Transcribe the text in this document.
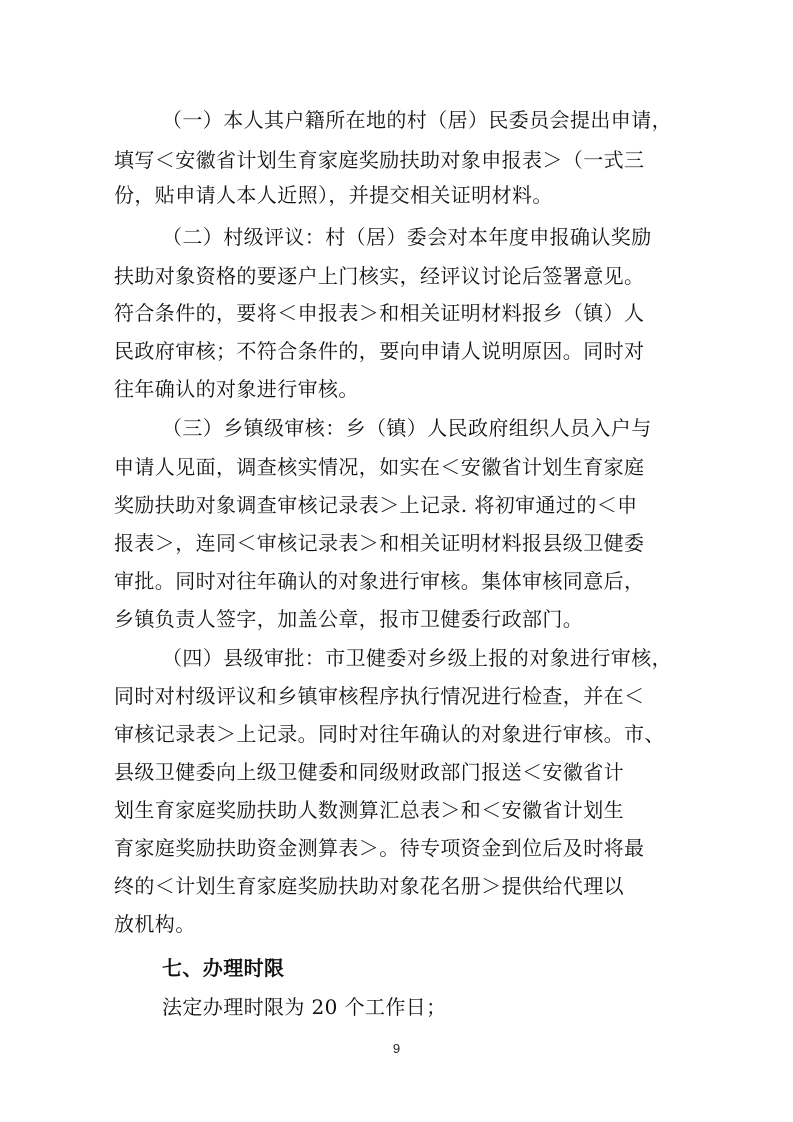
（一）本人其户籍所在地的村（居）民委员会提出申请，
填写＜安徽省计划生育家庭奖励扶助对象申报表＞（一式三
份，贴申请人本人近照），并提交相关证明材料。
（二）村级评议：村（居）委会对本年度申报确认奖励
扶助对象资格的要逐户上门核实，经评议讨论后签署意见。
符合条件的，要将＜申报表＞和相关证明材料报乡（镇）人
民政府审核；不符合条件的，要向申请人说明原因。同时对
往年确认的对象进行审核。
（三）乡镇级审核：乡（镇）人民政府组织人员入户与
申请人见面，调查核实情况，如实在＜安徽省计划生育家庭
奖励扶助对象调查审核记录表＞上记录. 将初审通过的＜申
报表＞，连同＜审核记录表＞和相关证明材料报县级卫健委
审批。同时对往年确认的对象进行审核。集体审核同意后，
乡镇负责人签字，加盖公章，报市卫健委行政部门。
（四）县级审批：市卫健委对乡级上报的对象进行审核，
同时对村级评议和乡镇审核程序执行情况进行检查，并在＜
审核记录表＞上记录。同时对往年确认的对象进行审核。市、
县级卫健委向上级卫健委和同级财政部门报送＜安徽省计
划生育家庭奖励扶助人数测算汇总表＞和＜安徽省计划生
育家庭奖励扶助资金测算表＞。待专项资金到位后及时将最
终的＜计划生育家庭奖励扶助对象花名册＞提供给代理以
放机构。
七、办理时限
法定办理时限为 20 个工作日；
9
